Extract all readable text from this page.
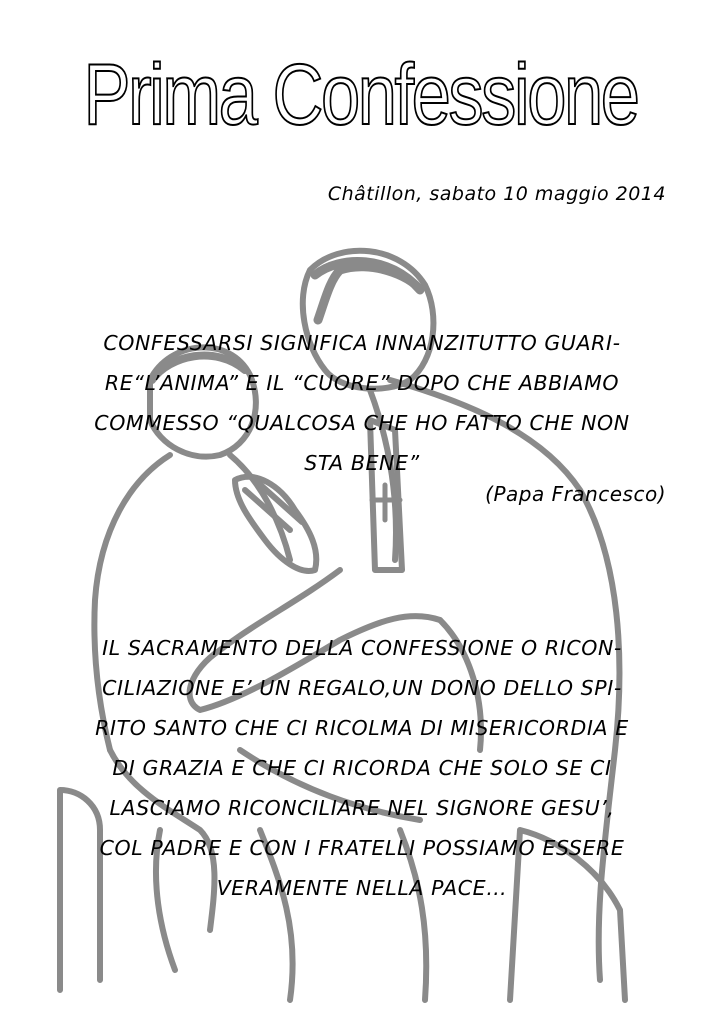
Prima Confessione
Châtillon, sabato 10 maggio 2014
CONFESSARSI SIGNIFICA INNANZITUTTO GUARI-
RE“L’ANIMA” E IL “CUORE” DOPO CHE ABBIAMO
COMMESSO “QUALCOSA CHE HO FATTO CHE NON
STA BENE”
(Papa Francesco)
IL SACRAMENTO DELLA CONFESSIONE O RICON-
CILIAZIONE E’ UN REGALO,UN DONO DELLO SPI-
RITO SANTO CHE CI RICOLMA DI MISERICORDIA E
DI GRAZIA E CHE CI RICORDA CHE SOLO SE CI
LASCIAMO RICONCILIARE NEL SIGNORE GESU’,
COL PADRE E CON I FRATELLI POSSIAMO ESSERE
VERAMENTE NELLA PACE…
